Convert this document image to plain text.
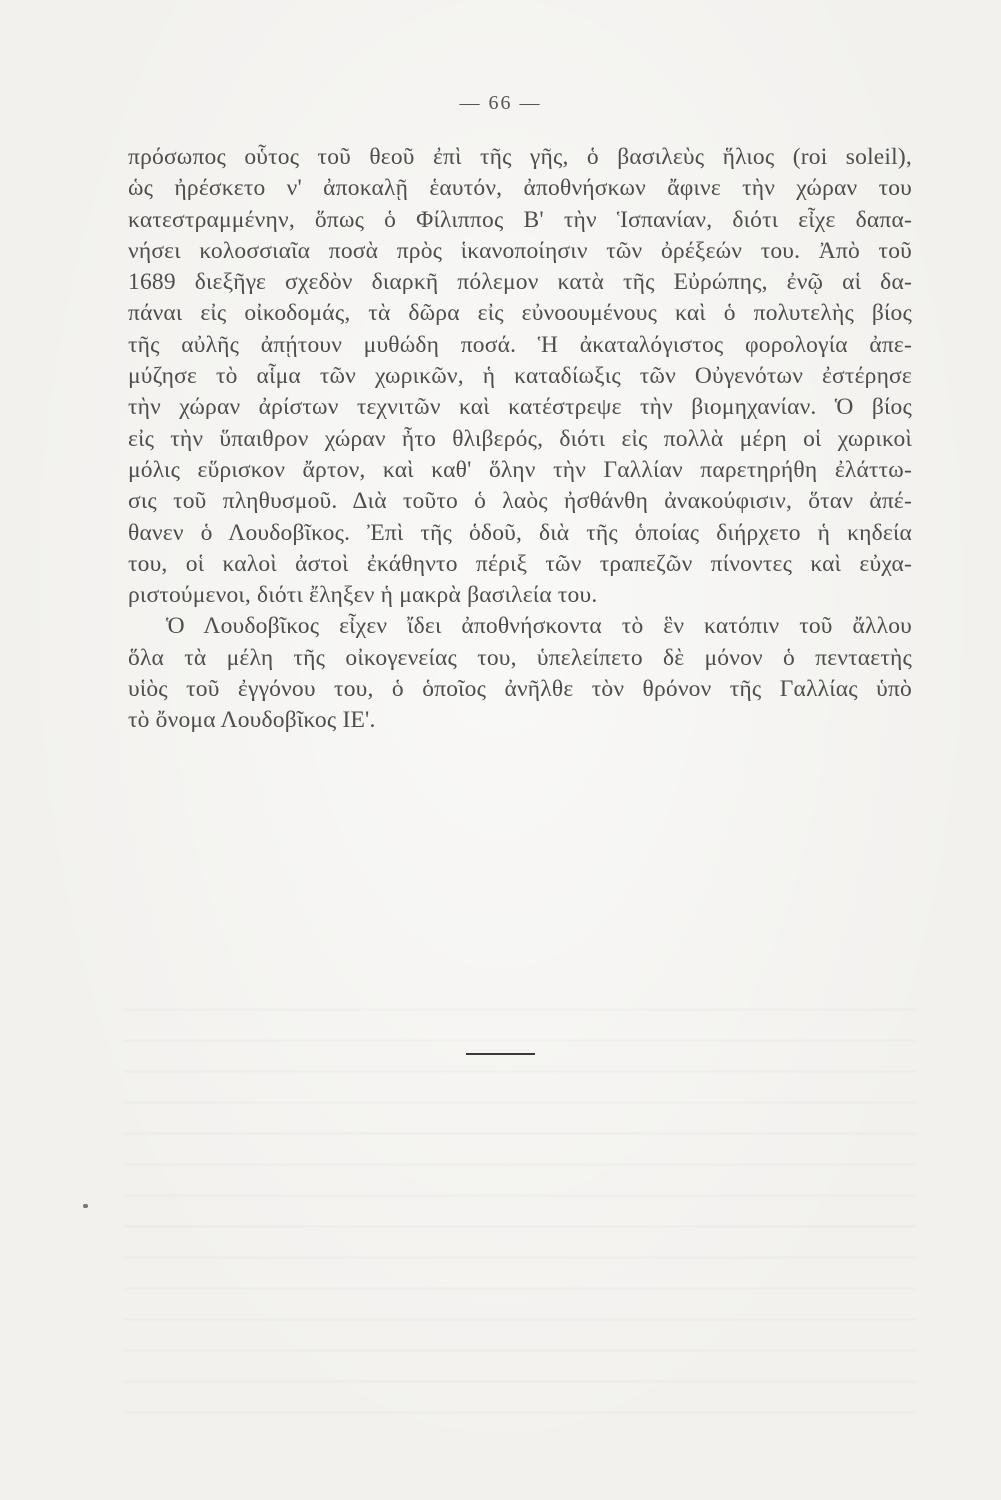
— 66 —
πρόσωπος οὗτος τοῦ θεοῦ ἐπὶ τῆς γῆς, ὁ βασιλεὺς ἥλιος (roi soleil),
ὡς ἠρέσκετο ν' ἀποκαλῇ ἑαυτόν, ἀποθνήσκων ἄφινε τὴν χώραν του
κατεστραμμένην, ὅπως ὁ Φίλιππος Β' τὴν Ἱσπανίαν, διότι εἶχε δαπα-
νήσει κολοσσιαῖα ποσὰ πρὸς ἱκανοποίησιν τῶν ὀρέξεών του. Ἀπὸ τοῦ
1689 διεξῆγε σχεδὸν διαρκῆ πόλεμον κατὰ τῆς Εὐρώπης, ἐνῷ αἱ δα-
πάναι εἰς οἰκοδομάς, τὰ δῶρα εἰς εὐνοουμένους καὶ ὁ πολυτελὴς βίος
τῆς αὐλῆς ἀπῄτουν μυθώδη ποσά. Ἡ ἀκαταλόγιστος φορολογία ἀπε-
μύζησε τὸ αἷμα τῶν χωρικῶν, ἡ καταδίωξις τῶν Οὐγενότων ἐστέρησε
τὴν χώραν ἀρίστων τεχνιτῶν καὶ κατέστρεψε τὴν βιομηχανίαν. Ὁ βίος
εἰς τὴν ὕπαιθρον χώραν ἦτο θλιβερός, διότι εἰς πολλὰ μέρη οἱ χωρικοὶ
μόλις εὕρισκον ἄρτον, καὶ καθ' ὅλην τὴν Γαλλίαν παρετηρήθη ἐλάττω-
σις τοῦ πληθυσμοῦ. Διὰ τοῦτο ὁ λαὸς ἠσθάνθη ἀνακούφισιν, ὅταν ἀπέ-
θανεν ὁ Λουδοβῖκος. Ἐπὶ τῆς ὁδοῦ, διὰ τῆς ὁποίας διήρχετο ἡ κηδεία
του, οἱ καλοὶ ἀστοὶ ἐκάθηντο πέριξ τῶν τραπεζῶν πίνοντες καὶ εὐχα-
ριστούμενοι, διότι ἔληξεν ἡ μακρὰ βασιλεία του.
Ὁ Λουδοβῖκος εἶχεν ἴδει ἀποθνήσκοντα τὸ ἓν κατόπιν τοῦ ἄλλου
ὅλα τὰ μέλη τῆς οἰκογενείας του, ὑπελείπετο δὲ μόνον ὁ πενταετὴς
υἱὸς τοῦ ἐγγόνου του, ὁ ὁποῖος ἀνῆλθε τὸν θρόνον τῆς Γαλλίας ὑπὸ
τὸ ὄνομα Λουδοβῖκος ΙΕ'.
